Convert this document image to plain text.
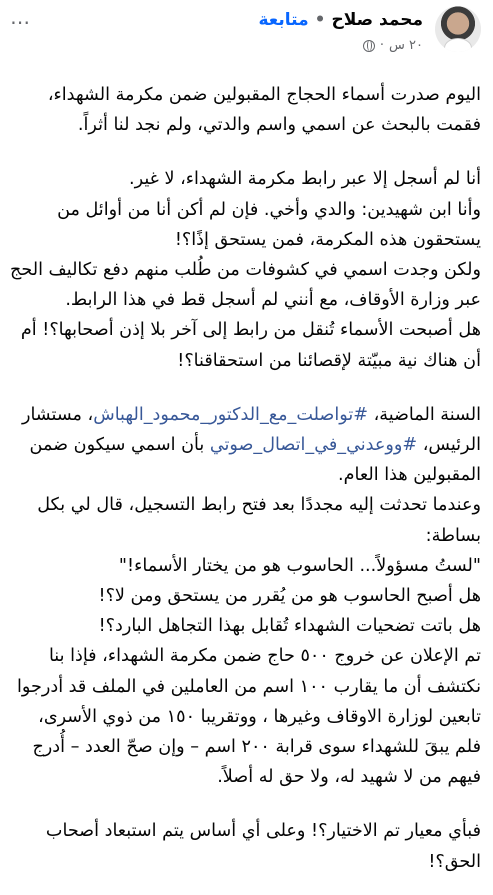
محمد صلاح•متابعة
٢٠ س
·
⋯

اليوم صدرت أسماء الحجاج المقبولين ضمن مكرمة الشهداء، فقمت بالبحث عن اسمي واسم والدتي، ولم نجد لنا أثراً.

أنا لم أسجل إلا عبر رابط مكرمة الشهداء، لا غير.

وأنا ابن شهيدين: والدي وأخي. فإن لم أكن أنا من أوائل من يستحقون هذه المكرمة، فمن يستحق إذًا؟!

ولكن وجدت اسمي في كشوفات من طُلب منهم دفع تكاليف الحج عبر وزارة الأوقاف، مع أنني لم أسجل قط في هذا الرابط.

هل أصبحت الأسماء تُنقل من رابط إلى آخر بلا إذن أصحابها؟! أم أن هناك نية مبيّتة لإقصائنا من استحقاقنا؟!

السنة الماضية، #تواصلت_مع_الدكتور_محمود_الهباش، مستشار الرئيس، #ووعدني_في_اتصال_صوتي بأن اسمي سيكون ضمن المقبولين هذا العام.

وعندما تحدثت إليه مجددًا بعد فتح رابط التسجيل، قال لي بكل بساطة:

"لستُ مسؤولاً... الحاسوب هو من يختار الأسماء!"

هل أصبح الحاسوب هو من يُقرر من يستحق ومن لا؟!

هل باتت تضحيات الشهداء تُقابل بهذا التجاهل البارد؟!

تم الإعلان عن خروج ٥٠٠ حاج ضمن مكرمة الشهداء، فإذا بنا نكتشف أن ما يقارب ١٠٠ اسم من العاملين في الملف قد أدرجوا تابعين لوزارة الاوقاف وغيرها ، ووتقريبا ١٥٠ من ذوي الأسرى، فلم يبقَ للشهداء سوى قرابة ٢٠٠ اسم – وإن صحّ العدد – أُدرج فيهم من لا شهيد له، ولا حق له أصلاً.

فبأي معيار تم الاختيار؟! وعلى أي أساس يتم استبعاد أصحاب الحق؟!
